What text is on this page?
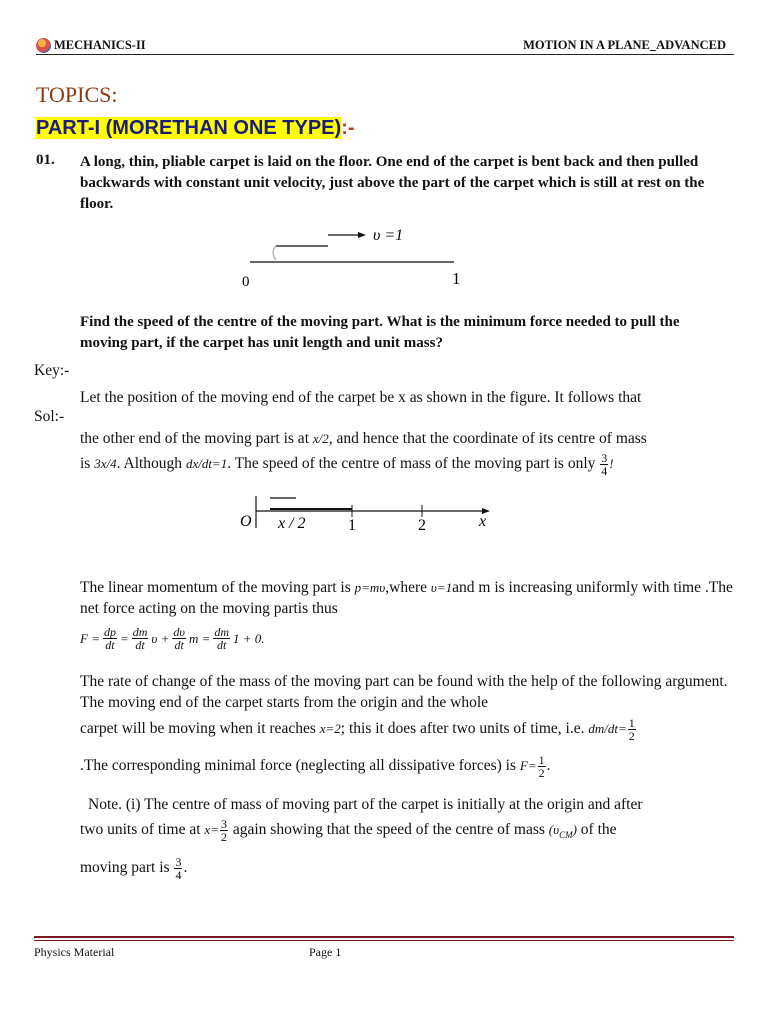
MECHANICS-II	MOTION IN A PLANE_ADVANCED
TOPICS:
PART-I (MORETHAN ONE TYPE):-
01. A long, thin, pliable carpet is laid on the floor. One end of the carpet is bent back and then pulled backwards with constant unit velocity, just above the part of the carpet which is still at rest on the floor.
υ =1
0	1
Find the speed of the centre of the moving part. What is the minimum force needed to pull the moving part, if the carpet has unit length and unit mass?
Key:-
Sol:-
Let the position of the moving end of the carpet be x as shown in the figure. It follows that
the other end of the moving part is at x/2, and hence that the coordinate of its centre of mass
is 3x/4. Although dx/dt=1. The speed of the centre of mass of the moving part is only $\frac{3}{4}$ !
O x / 2	1	2	x
The linear momentum of the moving part is p=mυ,where υ=1and m is increasing uniformly with time .The net force acting on the moving partis thus
$F = \frac{dp}{dt} = \frac{dm}{dt}$ $\upsilon + \frac{d\upsilon}{dt}$ $m = \frac{dm}{dt} 1 + 0$.
The rate of change of the mass of the moving part can be found with the help of the following argument. The moving end of the carpet starts from the origin and the whole
carpet will be moving when it reaches x=2; this it does after two units of time, i.e. $dm/dt= \frac{1}{2}$
.The corresponding minimal force (neglecting all dissipative forces) is $F= \frac{1}{2}$ .
Note. (i) The centre of mass of moving part of the carpet is initially at the origin and after
two units of time at $x= \frac{3}{2}$ again showing that the speed of the centre of mass $(\upsilon_{CM})$ of the
moving part is $\frac{3}{4}$ .
Physics Material	Page 1
